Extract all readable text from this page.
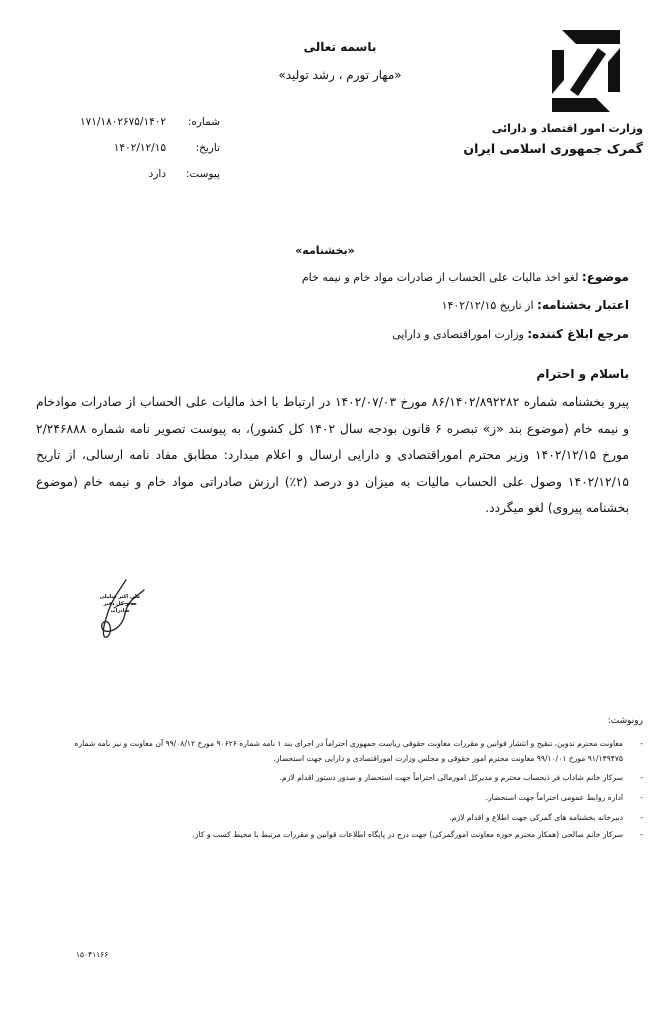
باسمه تعالی
«مهار تورم ، رشد تولید»
وزارت امور اقتصاد و دارائی
گمرک جمهوری اسلامی ایران
شماره:
۱۷۱/۱۸۰۲۶۷۵/۱۴۰۲
تاریخ:
۱۴۰۲/۱۲/۱۵
پیوست:
دارد
«بخشنامه»
موضوع: لغو اخذ مالیات علی الحساب از صادرات مواد خام و نیمه خام
اعتبار بخشنامه: از تاریخ ۱۴۰۲/۱۲/۱۵
مرجع ابلاغ کننده: وزارت اموراقتصادی و دارایی
باسلام و احترام
پیرو بخشنامه شماره ۸۶/۱۴۰۲/۸۹۲۲۸۲ مورخ ۱۴۰۲/۰۷/۰۳ در ارتباط با اخذ مالیات علی الحساب از صادرات موادخام و نیمه خام (موضوع بند «ز» تبصره ۶ قانون بودجه سال ۱۴۰۲ کل کشور)، به پیوست تصویر نامه شماره ۲/۲۴۶۸۸۸ مورخ ۱۴۰۲/۱۲/۱۵ وزیر محترم اموراقتصادی و دارایی ارسال و اعلام میدارد: مطابق مفاد نامه ارسالی، از تاریخ ۱۴۰۲/۱۲/۱۵ وصول علی الحساب مالیات به میزان دو درصد (۲٪) ارزش صادراتی مواد خام و نیمه خام (موضوع بخشنامه پیروی) لغو میگردد.
علی اکبر شاملی
مدیر کل دفتر صادرات
رونوشت:
-
معاونت محترم تدوین، تنقیح و انتشار قوانین و مقررات معاونت حقوقی ریاست جمهوری احتراماً در اجرای بند ۱ نامه شماره ۹۰۶۲۶ مورخ ۹۹/۰۸/۱۲ آن معاونت و نیز نامه شماره ۹۱/۱۴۹۴۷۵ مورخ ۹۹/۱۰/۰۱ معاونت محترم امور حقوقی و مجلس وزارت اموراقتصادی و دارایی جهت استحضار.
-
سرکار خانم شاداب فر ذیحساب محترم و مدیرکل امورمالی احتراماً جهت استحضار و صدور دستور اقدام لازم.
-
اداره روابط عمومی احتراماً جهت استحضار.
-
دبیرخانه بخشنامه های گمرکی جهت اطلاع و اقدام لازم.
-
سرکار خانم صالحی (همکار محترم حوزه معاونت امورگمرکی) جهت درج در پایگاه اطلاعات قوانین و مقررات مرتبط با محیط کسب و کار.
۱۵۰۴۱۱۶۶
